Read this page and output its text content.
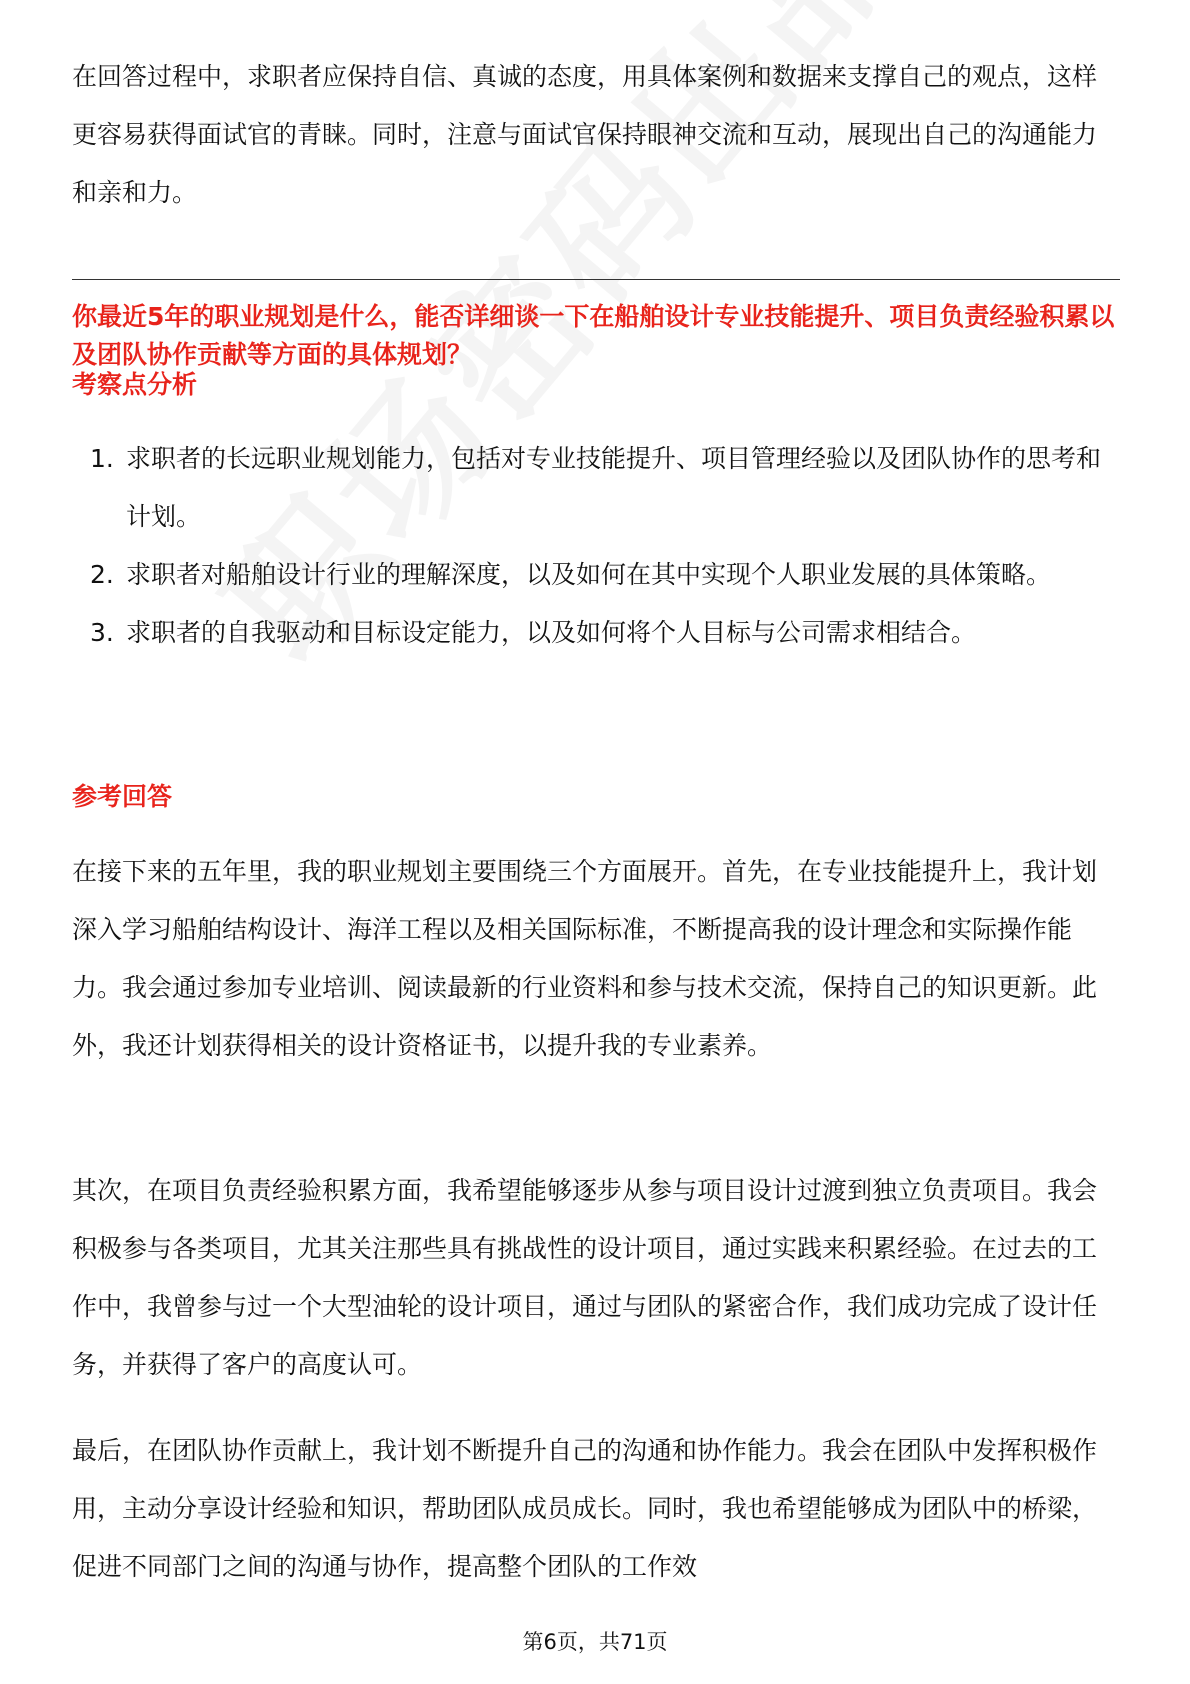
在回答过程中，求职者应保持自信、真诚的态度，用具体案例和数据来支撑自己的观点，这样更容易获得面试官的青睐。同时，注意与面试官保持眼神交流和互动，展现出自己的沟通能力和亲和力。

你最近5年的职业规划是什么，能否详细谈一下在船舶设计专业技能提升、项目负责经验积累以及团队协作贡献等方面的具体规划？

考察点分析
1. 求职者的长远职业规划能力，包括对专业技能提升、项目管理经验以及团队协作的思考和计划。
2. 求职者对船舶设计行业的理解深度，以及如何在其中实现个人职业发展的具体策略。
3. 求职者的自我驱动和目标设定能力，以及如何将个人目标与公司需求相结合。
参考回答

在接下来的五年里，我的职业规划主要围绕三个方面展开。首先，在专业技能提升上，我计划深入学习船舶结构设计、海洋工程以及相关国际标准，不断提高我的设计理念和实际操作能力。我会通过参加专业培训、阅读最新的行业资料和参与技术交流，保持自己的知识更新。此外，我还计划获得相关的设计资格证书，以提升我的专业素养。

其次，在项目负责经验积累方面，我希望能够逐步从参与项目设计过渡到独立负责项目。我会积极参与各类项目，尤其关注那些具有挑战性的设计项目，通过实践来积累经验。在过去的工作中，我曾参与过一个大型油轮的设计项目，通过与团队的紧密合作，我们成功完成了设计任务，并获得了客户的高度认可。

最后，在团队协作贡献上，我计划不断提升自己的沟通和协作能力。我会在团队中发挥积极作用，主动分享设计经验和知识，帮助团队成员成长。同时，我也希望能够成为团队中的桥梁，促进不同部门之间的沟通与协作，提高整个团队的工作效

第6页，共71页
